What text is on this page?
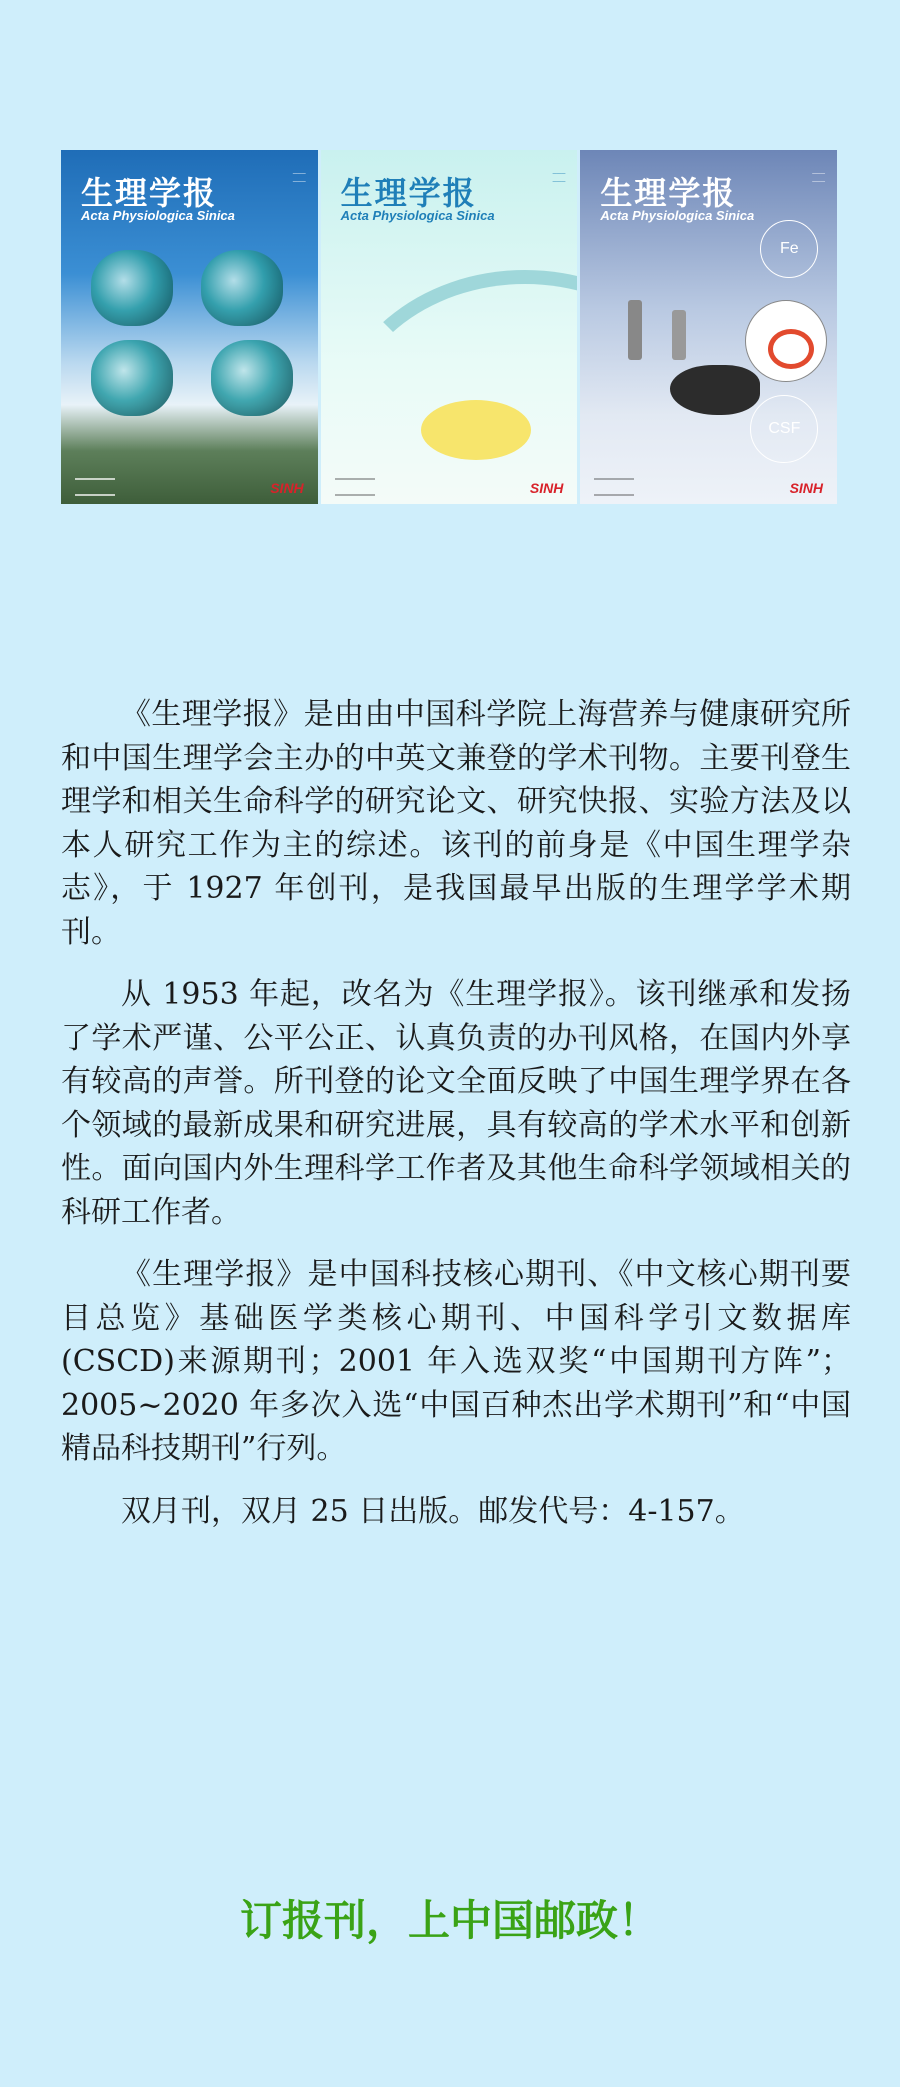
生理学报
Acta Physiologica Sinica
───
───
SINH
生理学报
Acta Physiologica Sinica
───
───
SINH
生理学报
Acta Physiologica Sinica
───
───
Fe
CSF
SINH

《生理学报》是由由中国科学院上海营养与健康研究所和中国生理学会主办的中英文兼登的学术刊物。主要刊登生理学和相关生命科学的研究论文、研究快报、实验方法及以本人研究工作为主的综述。该刊的前身是《中国生理学杂志》，于 1927 年创刊，是我国最早出版的生理学学术期刊。

从 1953 年起，改名为《生理学报》。该刊继承和发扬了学术严谨、公平公正、认真负责的办刊风格，在国内外享有较高的声誉。所刊登的论文全面反映了中国生理学界在各个领域的最新成果和研究进展，具有较高的学术水平和创新性。面向国内外生理科学工作者及其他生命科学领域相关的科研工作者。

《生理学报》是中国科技核心期刊、《中文核心期刊要目总览》基础医学类核心期刊、中国科学引文数据库(CSCD)来源期刊；2001 年入选双奖“中国期刊方阵”；2005~2020 年多次入选“中国百种杰出学术期刊”和“中国精品科技期刊”行列。

双月刊，双月 25 日出版。邮发代号：4-157。

订报刊，上中国邮政！
